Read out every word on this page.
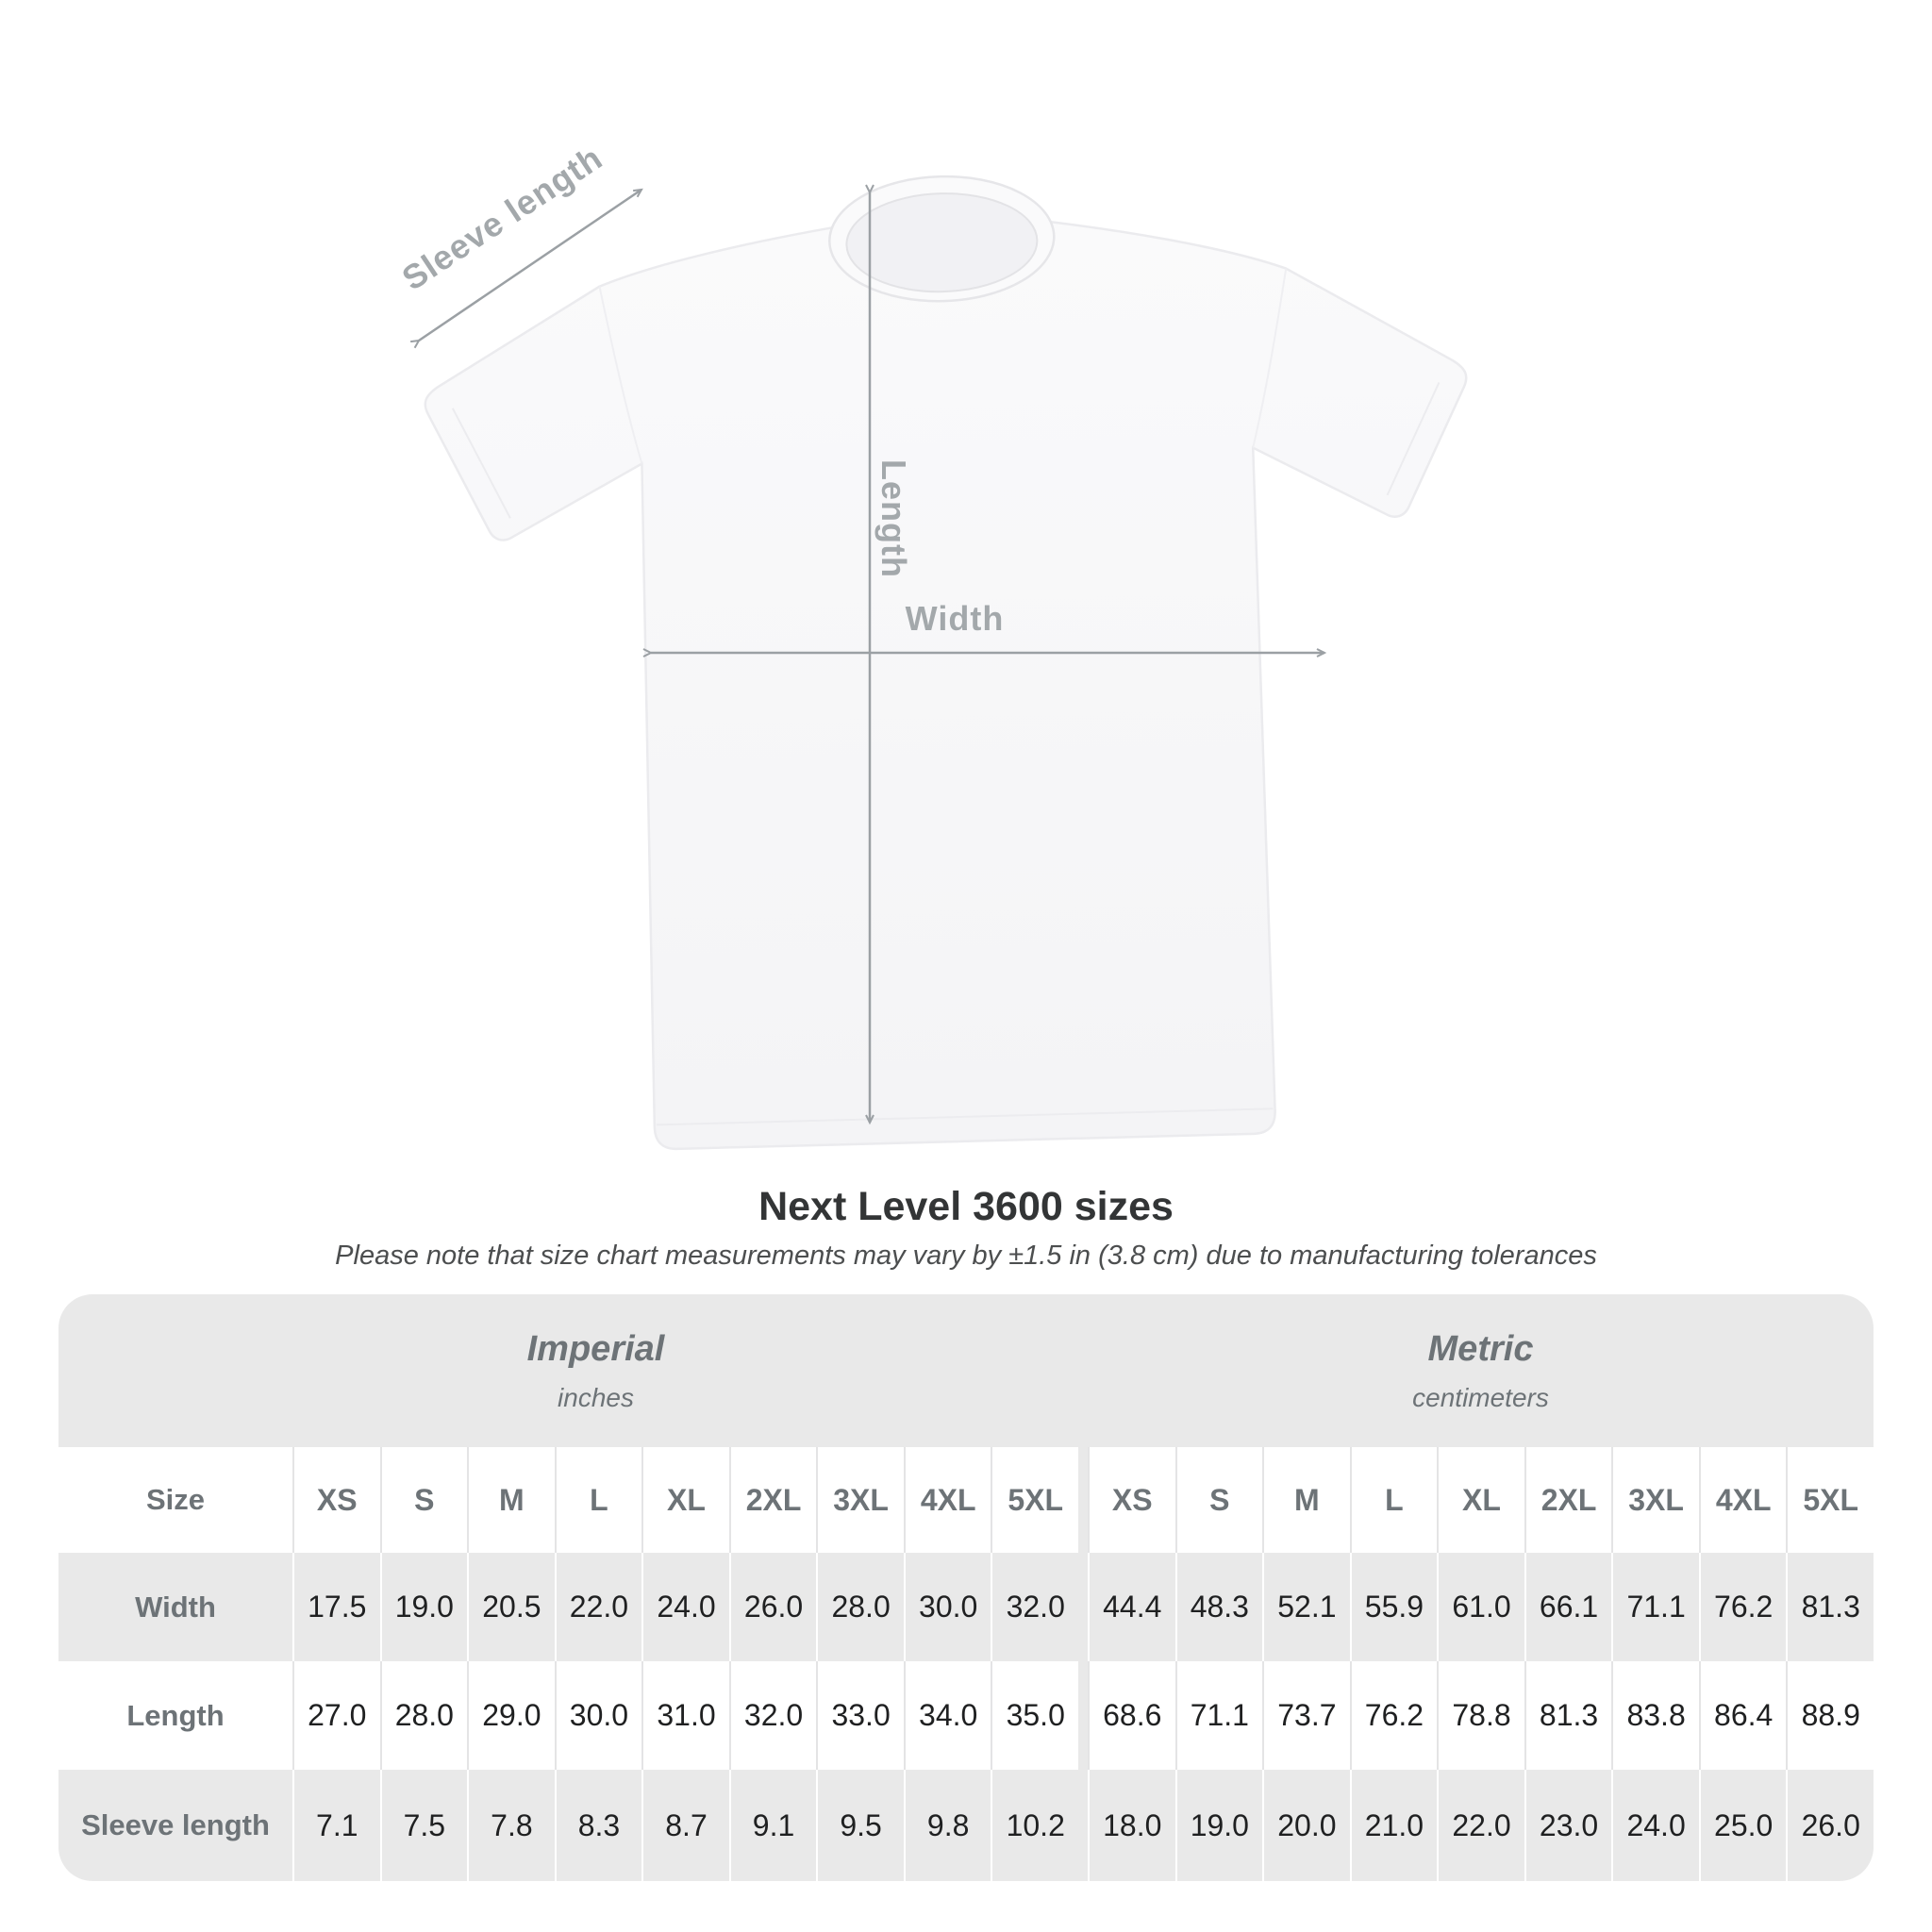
Length
Width
Sleeve length
Next Level 3600 sizes
Please note that size chart measurements may vary by ±1.5 in (3.8 cm) due to manufacturing tolerances
Imperial
inches
Metric
centimeters
Size	XS	S	M	L	XL	2XL	3XL	4XL	5XL	XS	S	M	L	XL	2XL	3XL	4XL	5XL
Width	17.5 19.0 20.5 22.0 24.0 26.0 28.0 30.0 32.0	44.4 48.3 52.1 55.9 61.0 66.1 71.1 76.2 81.3
Length	27.0 28.0 29.0 30.0 31.0 32.0 33.0 34.0 35.0	68.6 71.1 73.7 76.2 78.8 81.3 83.8 86.4 88.9
Sleeve length	7.1	7.5	7.8	8.3	8.7	9.1	9.5	9.8	10.2	18.0 19.0 20.0 21.0 22.0 23.0 24.0 25.0 26.0
